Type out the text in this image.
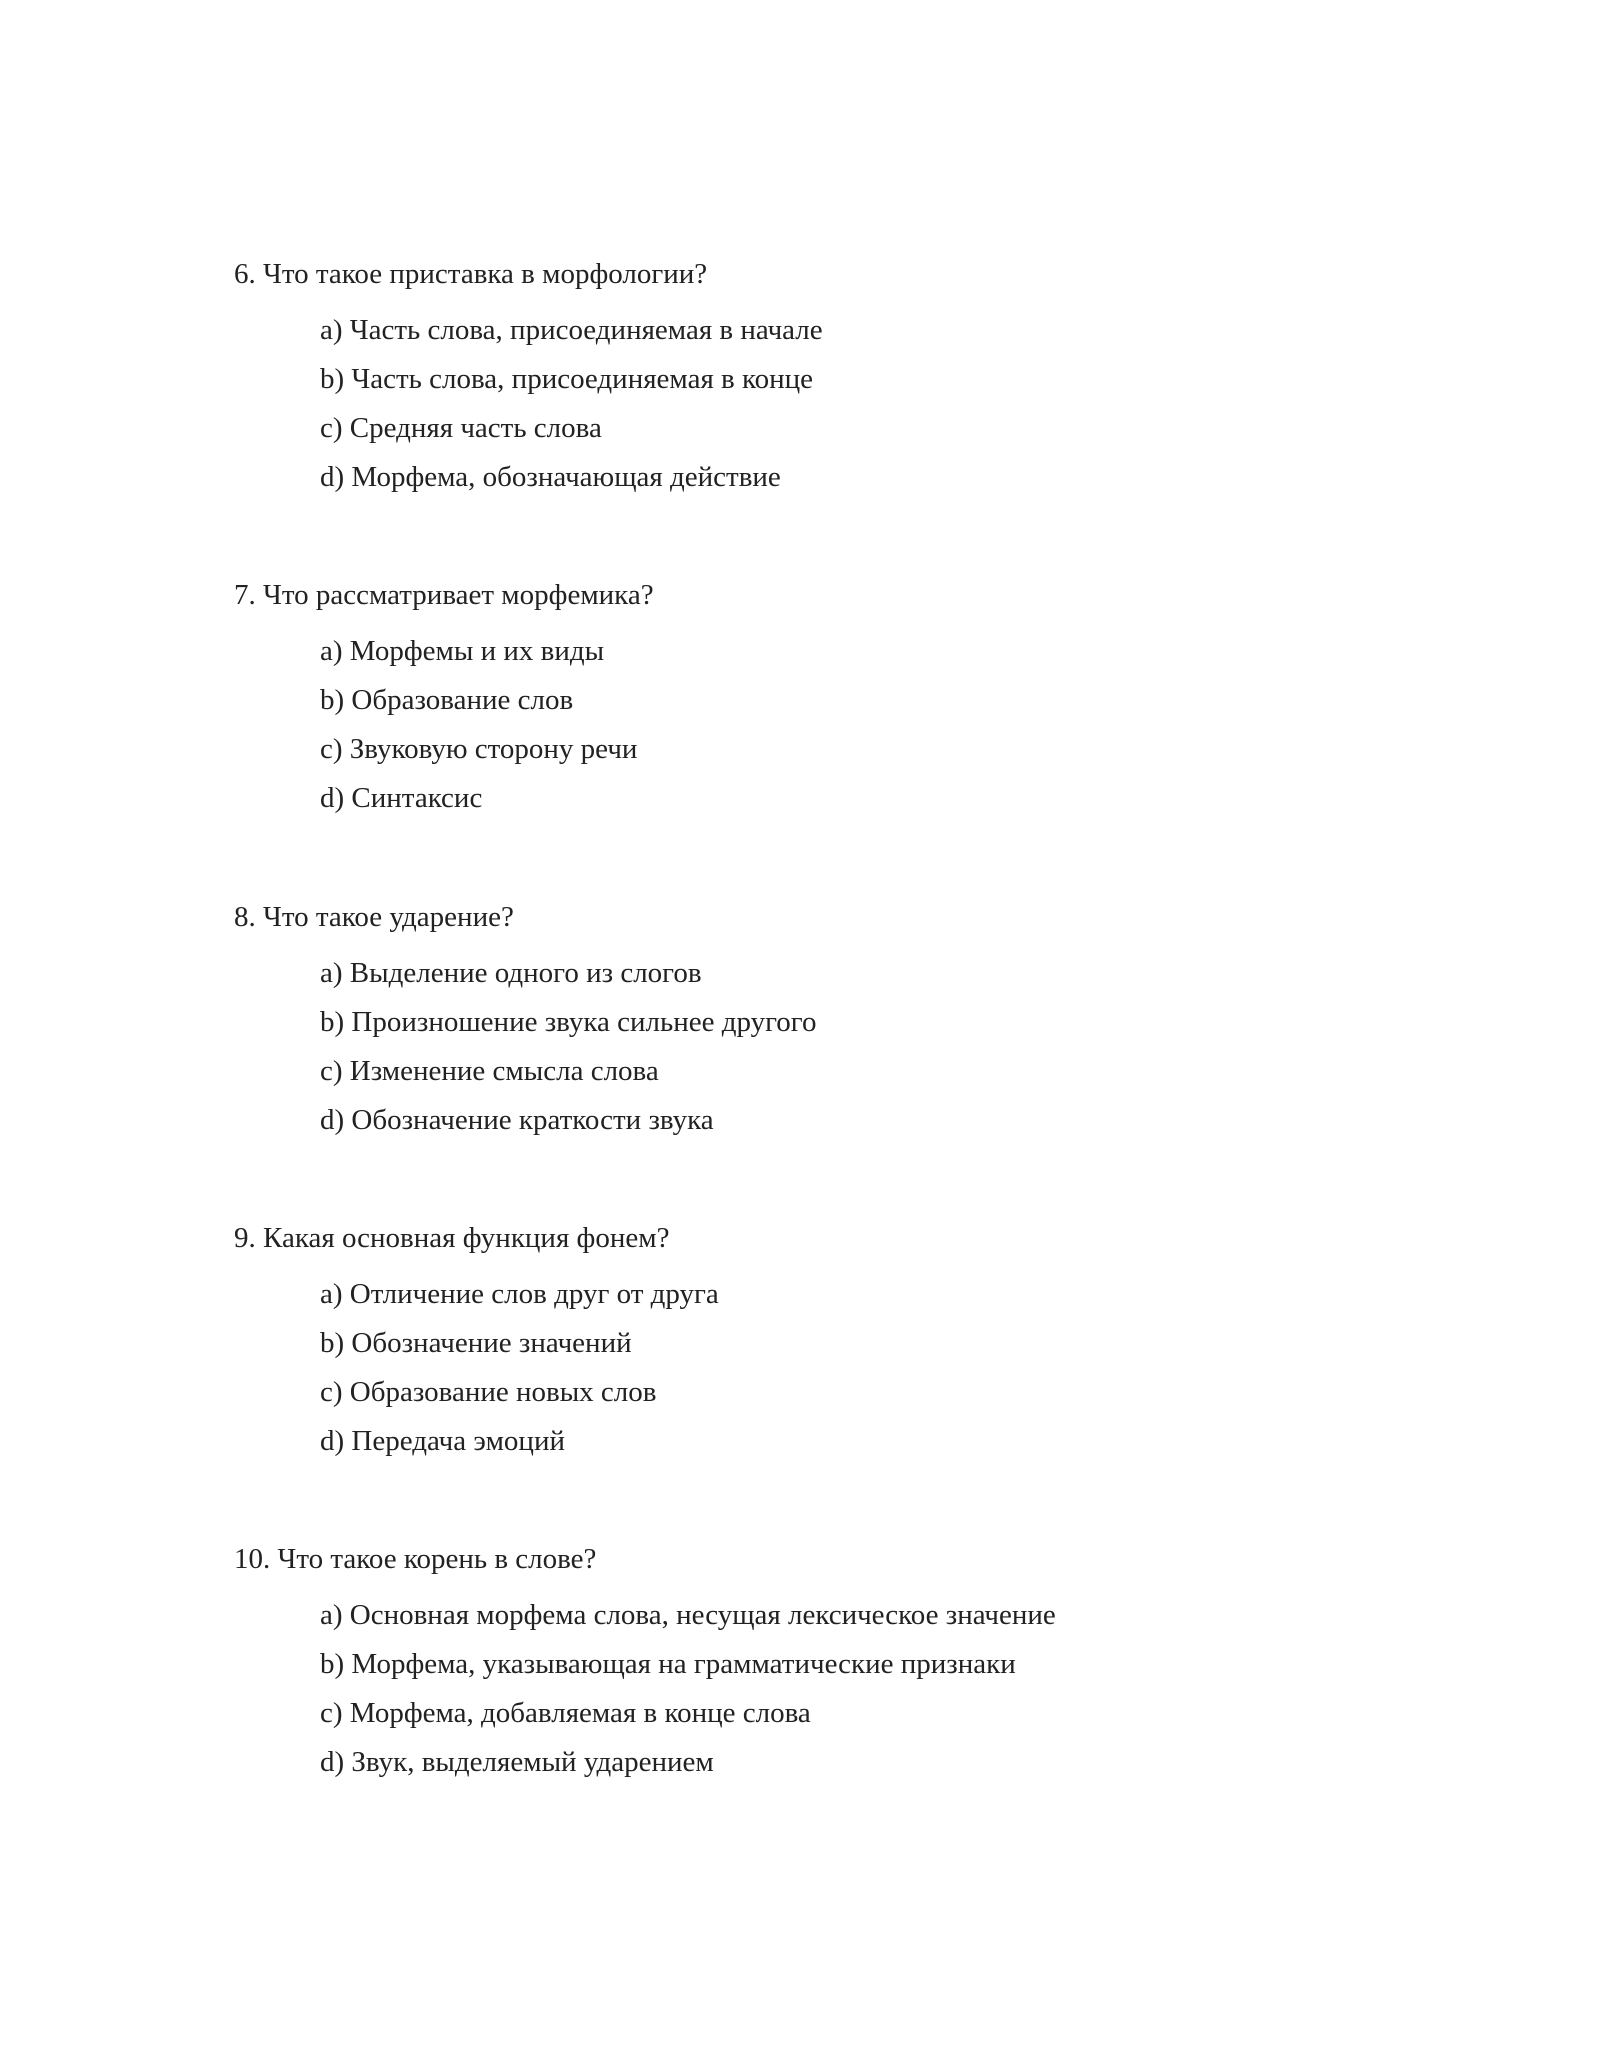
6. Что такое приставка в морфологии?

a) Часть слова, присоединяемая в начале
b) Часть слова, присоединяемая в конце
c) Средняя часть слова
d) Морфема, обозначающая действие

7. Что рассматривает морфемика?

a) Морфемы и их виды
b) Образование слов
c) Звуковую сторону речи
d) Синтаксис

8. Что такое ударение?

a) Выделение одного из слогов
b) Произношение звука сильнее другого
c) Изменение смысла слова
d) Обозначение краткости звука

9. Какая основная функция фонем?

a) Отличение слов друг от друга
b) Обозначение значений
c) Образование новых слов
d) Передача эмоций

10. Что такое корень в слове?

a) Основная морфема слова, несущая лексическое значение
b) Морфема, указывающая на грамматические признаки
c) Морфема, добавляемая в конце слова
d) Звук, выделяемый ударением
